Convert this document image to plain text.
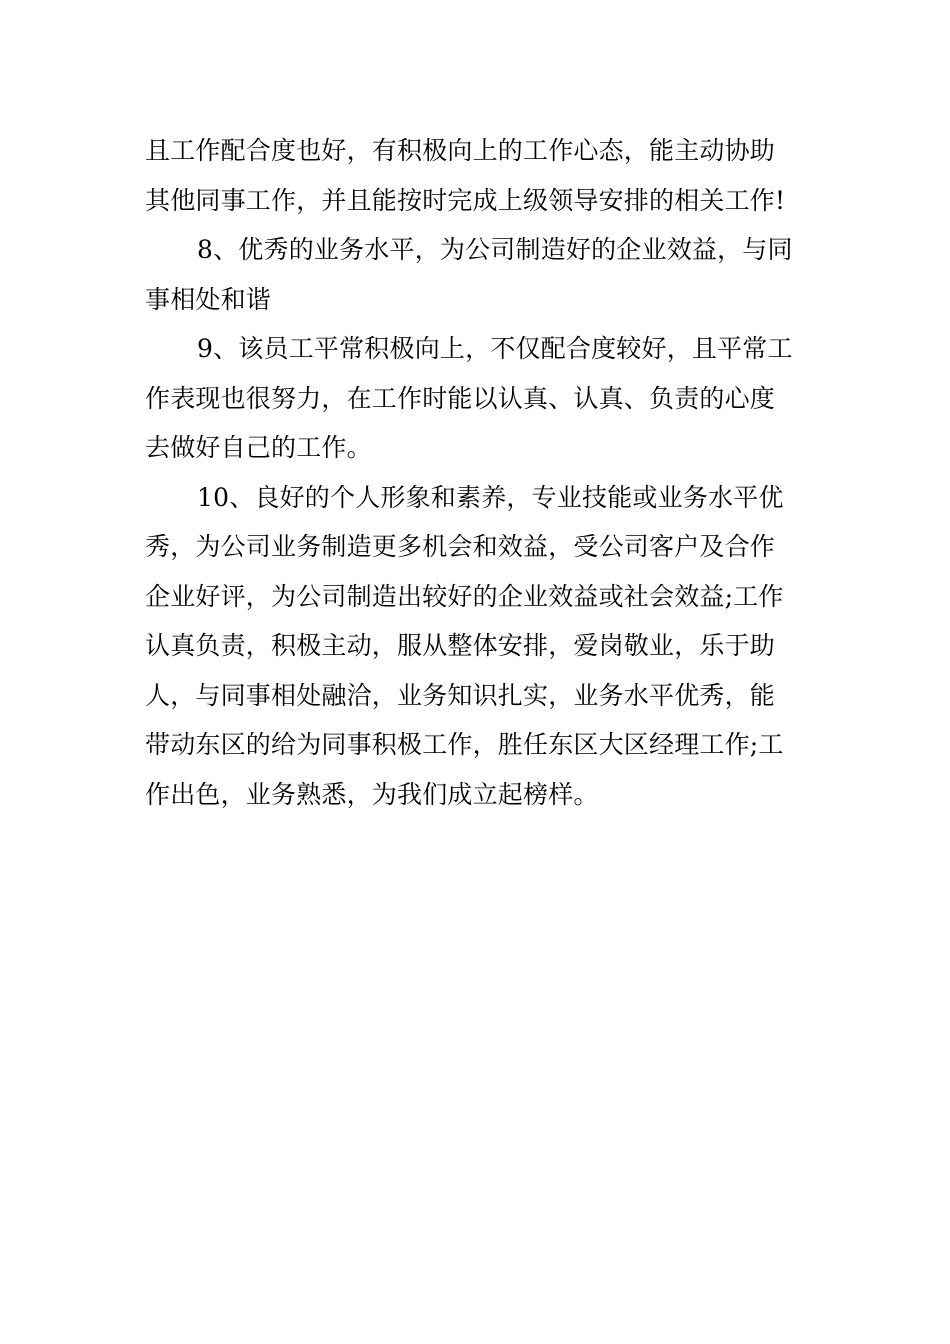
且工作配合度也好，有积极向上的工作心态，能主动协助
其他同事工作，并且能按时完成上级领导安排的相关工作!

8、优秀的业务水平，为公司制造好的企业效益，与同
事相处和谐

9、该员工平常积极向上，不仅配合度较好，且平常工
作表现也很努力，在工作时能以认真、认真、负责的心度
去做好自己的工作。

10、良好的个人形象和素养，专业技能或业务水平优
秀，为公司业务制造更多机会和效益，受公司客户及合作
企业好评，为公司制造出较好的企业效益或社会效益;工作
认真负责，积极主动，服从整体安排，爱岗敬业，乐于助
人，与同事相处融洽，业务知识扎实，业务水平优秀，能
带动东区的给为同事积极工作，胜任东区大区经理工作;工
作出色，业务熟悉，为我们成立起榜样。
